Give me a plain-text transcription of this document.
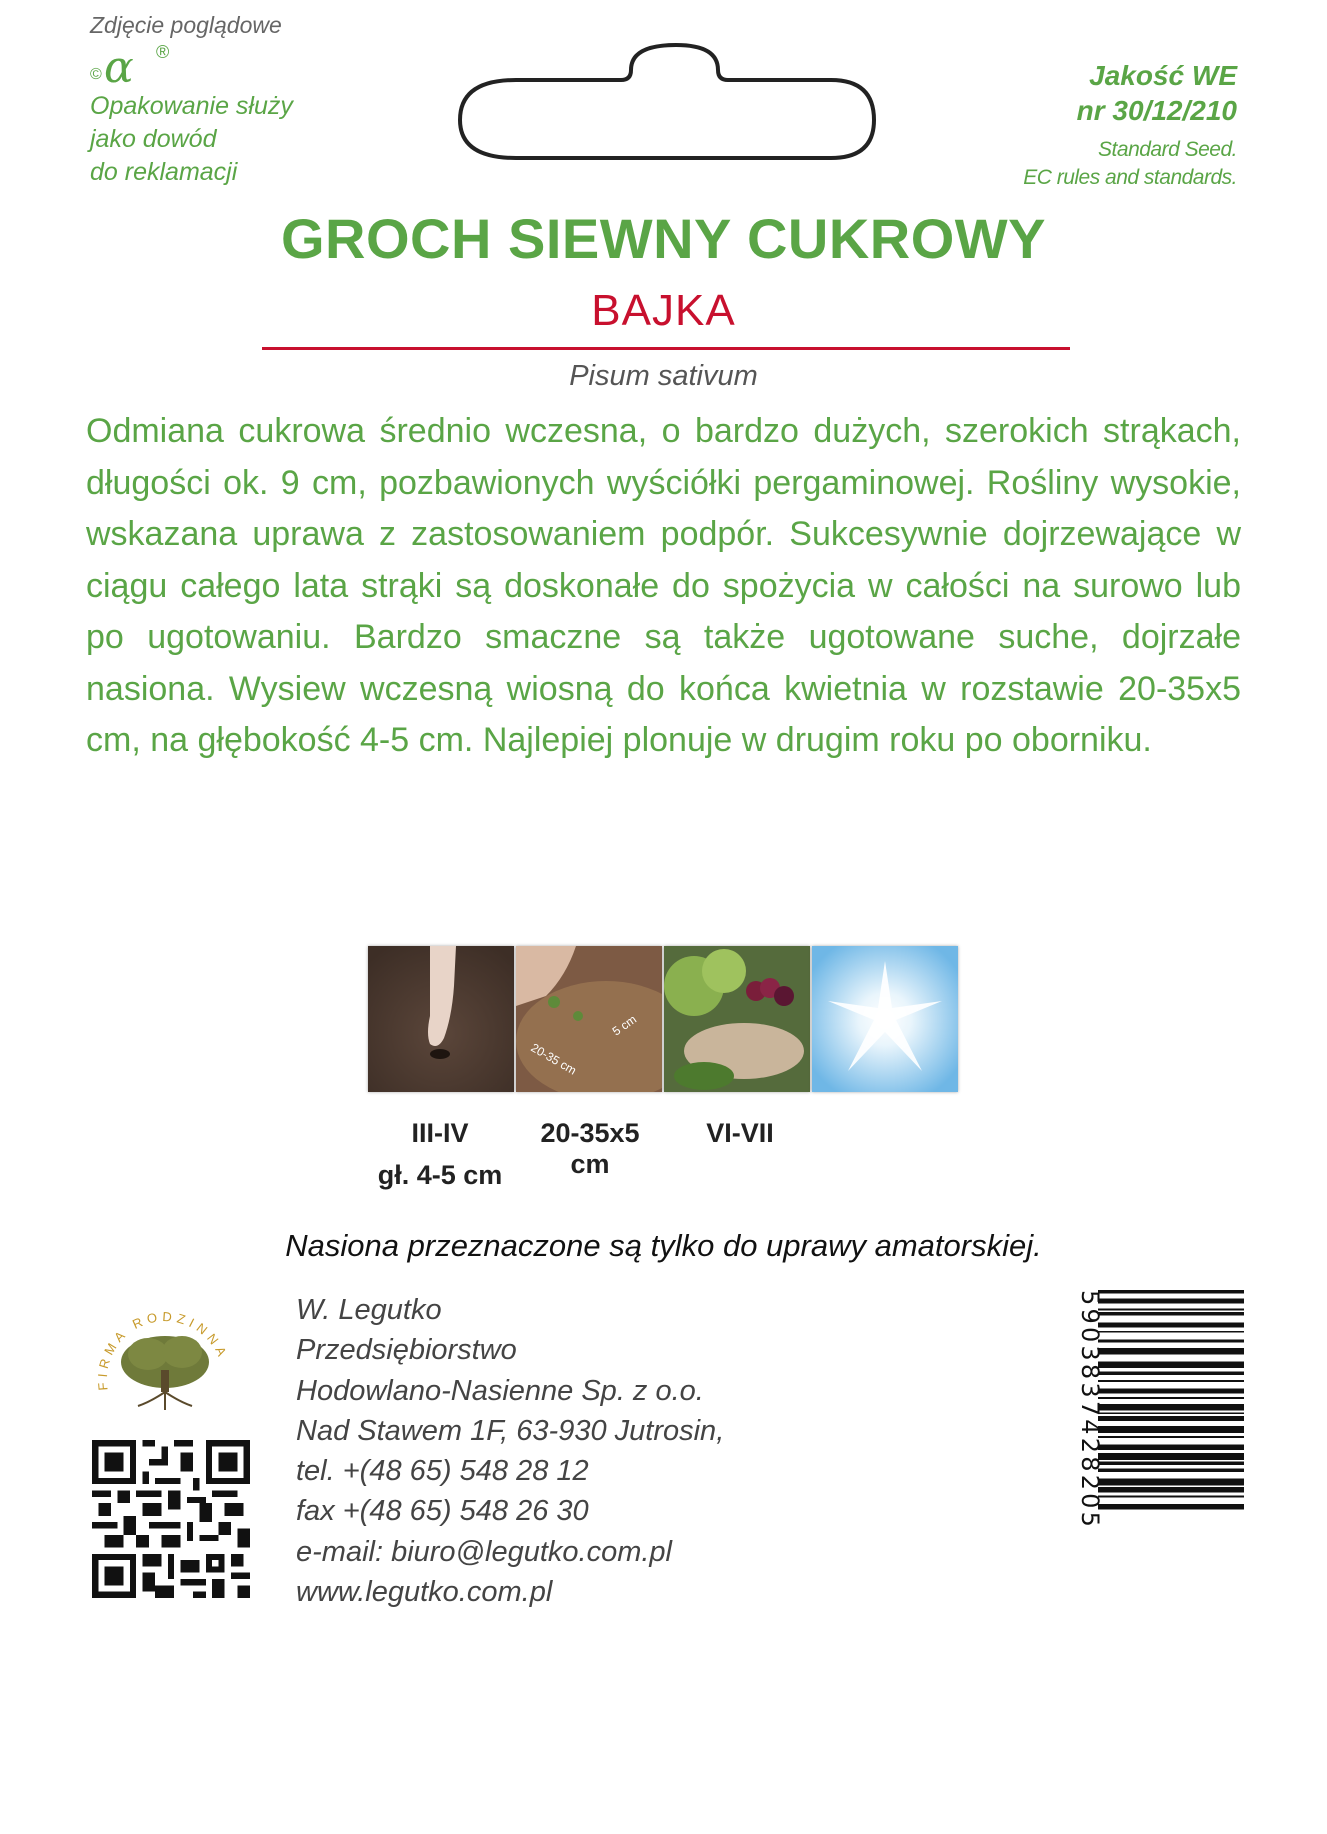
Zdjęcie poglądowe
© α ®
Opakowanie służy
jako dowód
do reklamacji
Jakość WE
nr 30/12/210
Standard Seed.
EC rules and standards.
GROCH SIEWNY CUKROWY
BAJKA
Pisum sativum

Odmiana cukrowa średnio wczesna, o bardzo dużych, szerokich strąkach, długości ok. 9 cm, pozbawionych wyściółki pergaminowej. Rośliny wysokie, wskazana uprawa z zastosowaniem podpór. Sukcesywnie dojrzewające w ciągu całego lata strąki są doskonałe do spożycia w całości na surowo lub po ugotowaniu. Bardzo smaczne są także ugotowane suche, dojrzałe nasiona. Wysiew wczesną wiosną do końca kwietnia w rozstawie 20-35x5 cm, na głębokość 4-5 cm. Najlepiej plonuje w drugim roku po oborniku.

5 cm
20-35 cm
III-IV
gł. 4-5 cm
20-35x5 cm
VI-VII
Nasiona przeznaczone są tylko do uprawy amatorskiej.
FIRMA RODZINNA
W. Legutko
Przedsiębiorstwo
Hodowlano-Nasienne Sp. z o.o.
Nad Stawem 1F, 63-930 Jutrosin,
tel. +(48 65) 548 28 12
fax +(48 65) 548 26 30
e-mail: biuro@legutko.com.pl
www.legutko.com.pl
5903837428205
